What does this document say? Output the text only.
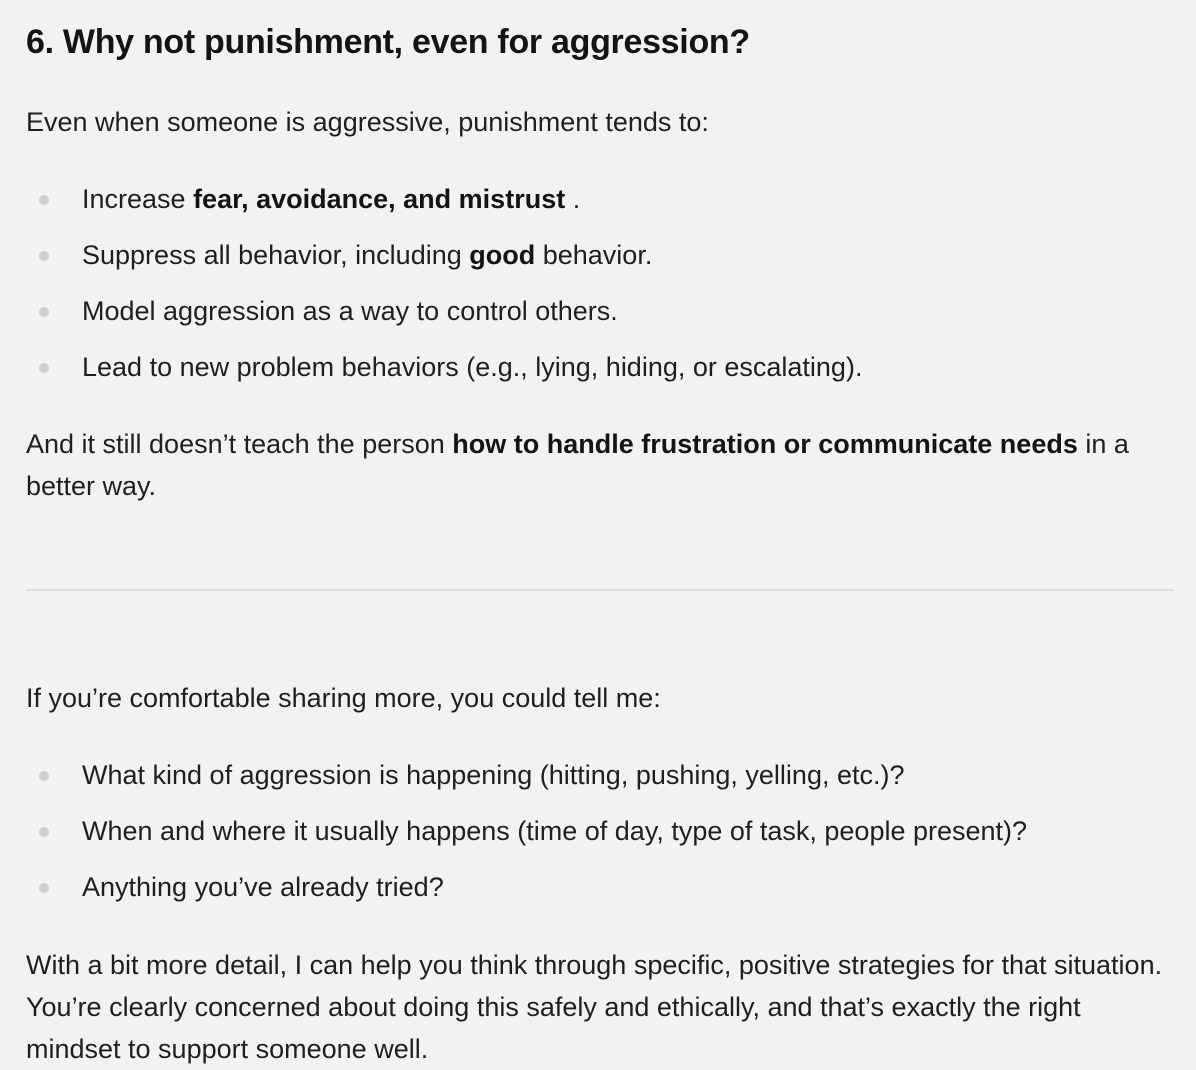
6. Why not punishment, even for aggression?

Even when someone is aggressive, punishment tends to:

Increase fear, avoidance, and mistrust .
Suppress all behavior, including good behavior.
Model aggression as a way to control others.
Lead to new problem behaviors (e.g., lying, hiding, or escalating).

And it still doesn’t teach the person how to handle frustration or communicate needs in a better way.

If you’re comfortable sharing more, you could tell me:

What kind of aggression is happening (hitting, pushing, yelling, etc.)?
When and where it usually happens (time of day, type of task, people present)?
Anything you’ve already tried?

With a bit more detail, I can help you think through specific, positive strategies for that situation. You’re clearly concerned about doing this safely and ethically, and that’s exactly the right mindset to support someone well.
